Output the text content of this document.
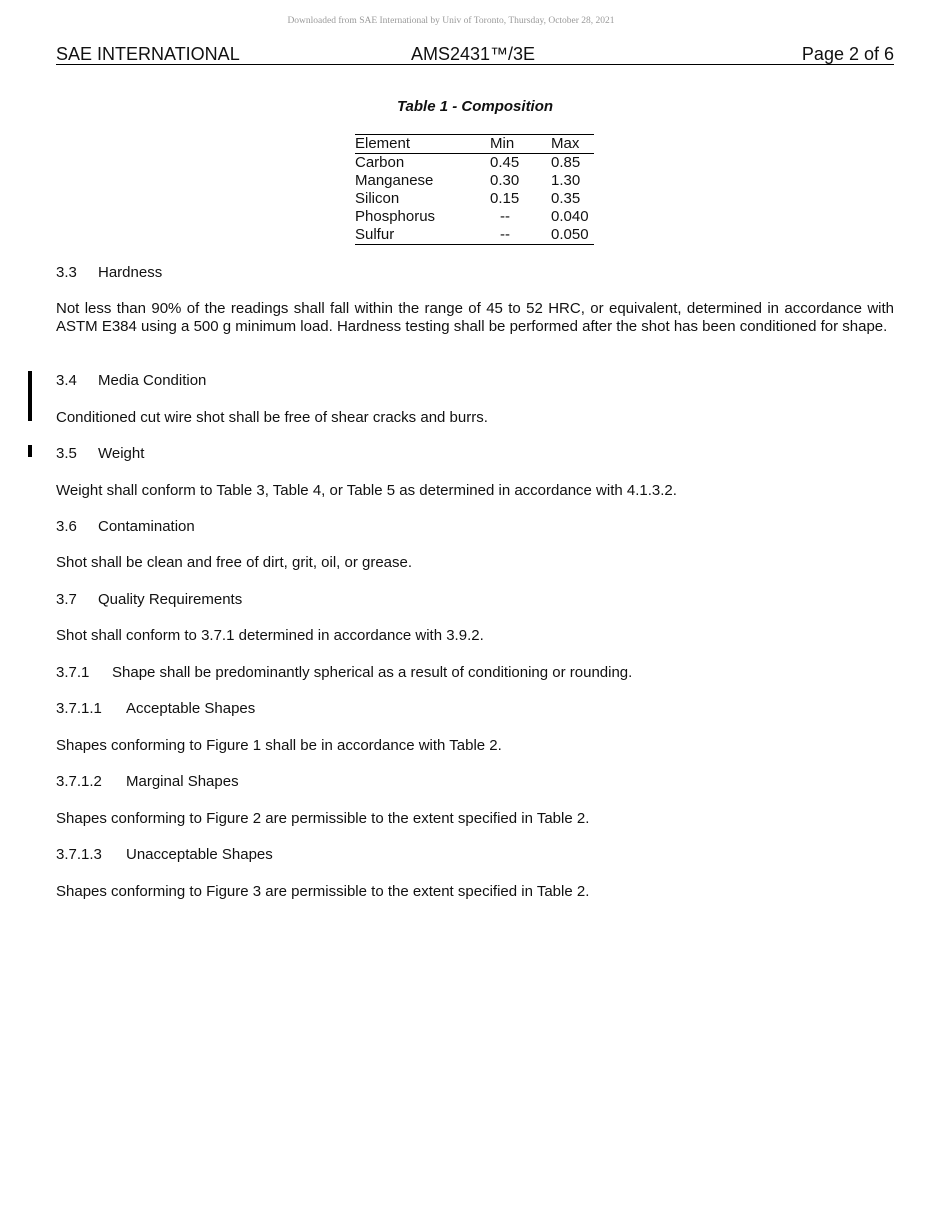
Downloaded from SAE International by Univ of Toronto, Thursday, October 28, 2021
SAE INTERNATIONAL	AMS2431™/3E	Page 2 of 6
Table 1 - Composition
Element	Min	Max
Carbon	0.45	0.85
Manganese	0.30	1.30
Silicon	0.15	0.35
Phosphorus	--	0.040
Sulfur	--	0.050
3.3 Hardness
Not less than 90% of the readings shall fall within the range of 45 to 52 HRC, or equivalent, determined in accordance with ASTM E384 using a 500 g minimum load. Hardness testing shall be performed after the shot has been conditioned for shape.
3.4 Media Condition
Conditioned cut wire shot shall be free of shear cracks and burrs.
3.5 Weight
Weight shall conform to Table 3, Table 4, or Table 5 as determined in accordance with 4.1.3.2.
3.6 Contamination
Shot shall be clean and free of dirt, grit, oil, or grease.
3.7 Quality Requirements
Shot shall conform to 3.7.1 determined in accordance with 3.9.2.
3.7.1 Shape shall be predominantly spherical as a result of conditioning or rounding.
3.7.1.1 Acceptable Shapes
Shapes conforming to Figure 1 shall be in accordance with Table 2.
3.7.1.2 Marginal Shapes
Shapes conforming to Figure 2 are permissible to the extent specified in Table 2.
3.7.1.3 Unacceptable Shapes
Shapes conforming to Figure 3 are permissible to the extent specified in Table 2.
